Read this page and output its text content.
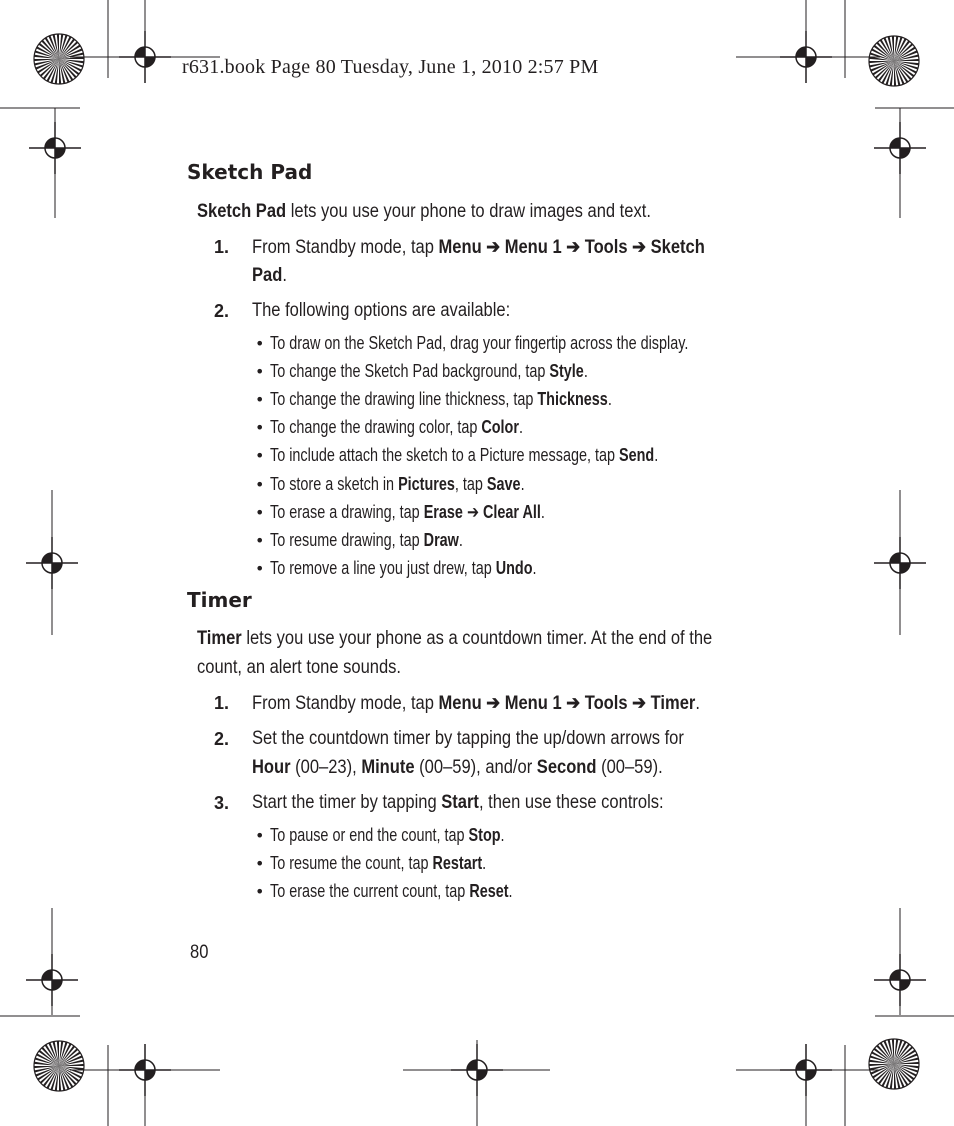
r631.book Page 80 Tuesday, June 1, 2010 2:57 PM
Sketch Pad
Sketch Pad lets you use your phone to draw images and text.
1. From Standby mode, tap Menu ➔ Menu 1 ➔ Tools ➔ Sketch
Pad.
2. The following options are available:
• To draw on the Sketch Pad, drag your fingertip across the display.
• To change the Sketch Pad background, tap Style.
• To change the drawing line thickness, tap Thickness.
• To change the drawing color, tap Color.
• To include attach the sketch to a Picture message, tap Send.
• To store a sketch in Pictures, tap Save.
• To erase a drawing, tap Erase ➔ Clear All.
• To resume drawing, tap Draw.
• To remove a line you just drew, tap Undo.
Timer
Timer lets you use your phone as a countdown timer. At the end of the
count, an alert tone sounds.
1. From Standby mode, tap Menu ➔ Menu 1 ➔ Tools ➔ Timer.
2. Set the countdown timer by tapping the up/down arrows for
Hour (00–23), Minute (00–59), and/or Second (00–59).
3. Start the timer by tapping Start, then use these controls:
• To pause or end the count, tap Stop.
• To resume the count, tap Restart.
• To erase the current count, tap Reset.
80
